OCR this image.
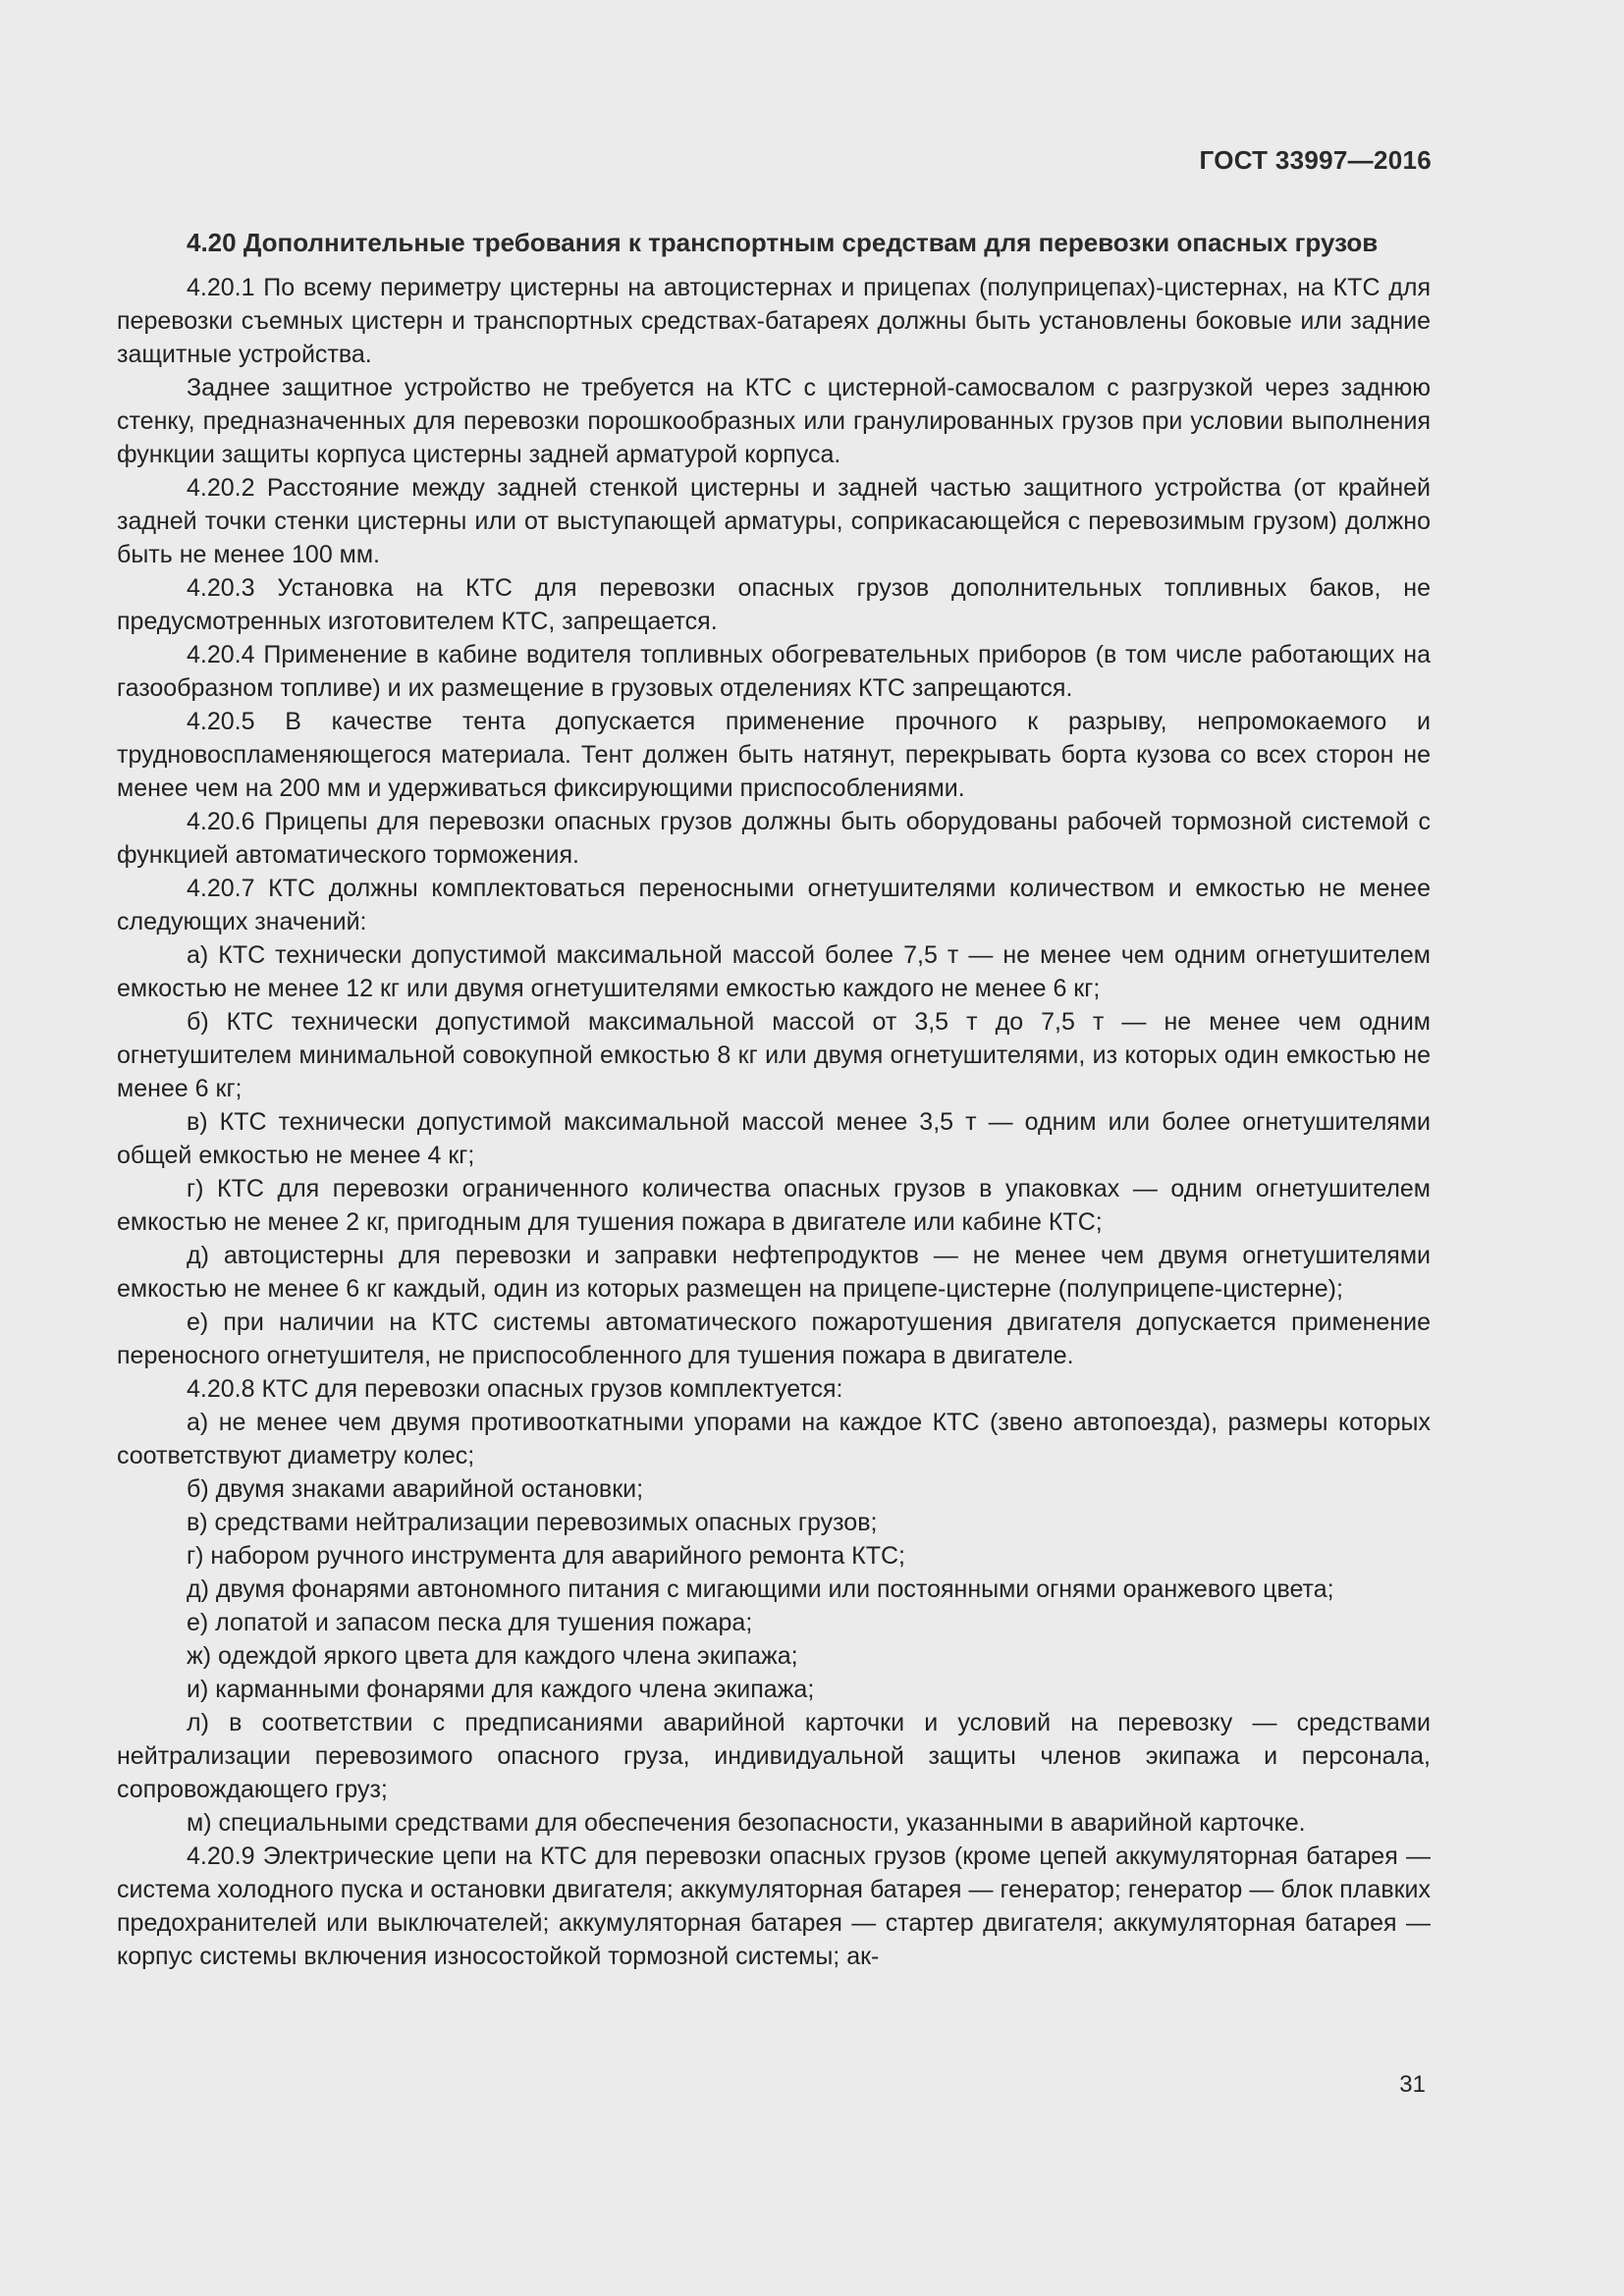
ГОСТ 33997—2016
4.20 Дополнительные требования к транспортным средствам для перевозки опасных грузов

4.20.1 По всему периметру цистерны на автоцистернах и прицепах (полуприцепах)-цистернах, на КТС для перевозки съемных цистерн и транспортных средствах-батареях должны быть установлены боковые или задние защитные устройства.

Заднее защитное устройство не требуется на КТС с цистерной-самосвалом с разгрузкой через заднюю стенку, предназначенных для перевозки порошкообразных или гранулированных грузов при условии выполнения функции защиты корпуса цистерны задней арматурой корпуса.

4.20.2 Расстояние между задней стенкой цистерны и задней частью защитного устройства (от крайней задней точки стенки цистерны или от выступающей арматуры, соприкасающейся с перевозимым грузом) должно быть не менее 100 мм.

4.20.3 Установка на КТС для перевозки опасных грузов дополнительных топливных баков, не предусмотренных изготовителем КТС, запрещается.

4.20.4 Применение в кабине водителя топливных обогревательных приборов (в том числе работающих на газообразном топливе) и их размещение в грузовых отделениях КТС запрещаются.

4.20.5 В качестве тента допускается применение прочного к разрыву, непромокаемого и трудновоспламеняющегося материала. Тент должен быть натянут, перекрывать борта кузова со всех сторон не менее чем на 200 мм и удерживаться фиксирующими приспособлениями.

4.20.6 Прицепы для перевозки опасных грузов должны быть оборудованы рабочей тормозной системой с функцией автоматического торможения.

4.20.7 КТС должны комплектоваться переносными огнетушителями количеством и емкостью не менее следующих значений:

а) КТС технически допустимой максимальной массой более 7,5 т — не менее чем одним огнетушителем емкостью не менее 12 кг или двумя огнетушителями емкостью каждого не менее 6 кг;

б) КТС технически допустимой максимальной массой от 3,5 т до 7,5 т — не менее чем одним огнетушителем минимальной совокупной емкостью 8 кг или двумя огнетушителями, из которых один емкостью не менее 6 кг;

в) КТС технически допустимой максимальной массой менее 3,5 т — одним или более огнетушителями общей емкостью не менее 4 кг;

г) КТС для перевозки ограниченного количества опасных грузов в упаковках — одним огнетушителем емкостью не менее 2 кг, пригодным для тушения пожара в двигателе или кабине КТС;

д) автоцистерны для перевозки и заправки нефтепродуктов — не менее чем двумя огнетушителями емкостью не менее 6 кг каждый, один из которых размещен на прицепе-цистерне (полуприцепе-цистерне);

е) при наличии на КТС системы автоматического пожаротушения двигателя допускается применение переносного огнетушителя, не приспособленного для тушения пожара в двигателе.

4.20.8 КТС для перевозки опасных грузов комплектуется:

а) не менее чем двумя противооткатными упорами на каждое КТС (звено автопоезда), размеры которых соответствуют диаметру колес;

б) двумя знаками аварийной остановки;

в) средствами нейтрализации перевозимых опасных грузов;

г) набором ручного инструмента для аварийного ремонта КТС;

д) двумя фонарями автономного питания с мигающими или постоянными огнями оранжевого цвета;

е) лопатой и запасом песка для тушения пожара;

ж) одеждой яркого цвета для каждого члена экипажа;

и) карманными фонарями для каждого члена экипажа;

л) в соответствии с предписаниями аварийной карточки и условий на перевозку — средствами нейтрализации перевозимого опасного груза, индивидуальной защиты членов экипажа и персонала, сопровождающего груз;

м) специальными средствами для обеспечения безопасности, указанными в аварийной карточке.

4.20.9 Электрические цепи на КТС для перевозки опасных грузов (кроме цепей аккумуляторная батарея — система холодного пуска и остановки двигателя; аккумуляторная батарея — генератор; генератор — блок плавких предохранителей или выключателей; аккумуляторная батарея — стартер двигателя; аккумуляторная батарея — корпус системы включения износостойкой тормозной системы; ак-

31
